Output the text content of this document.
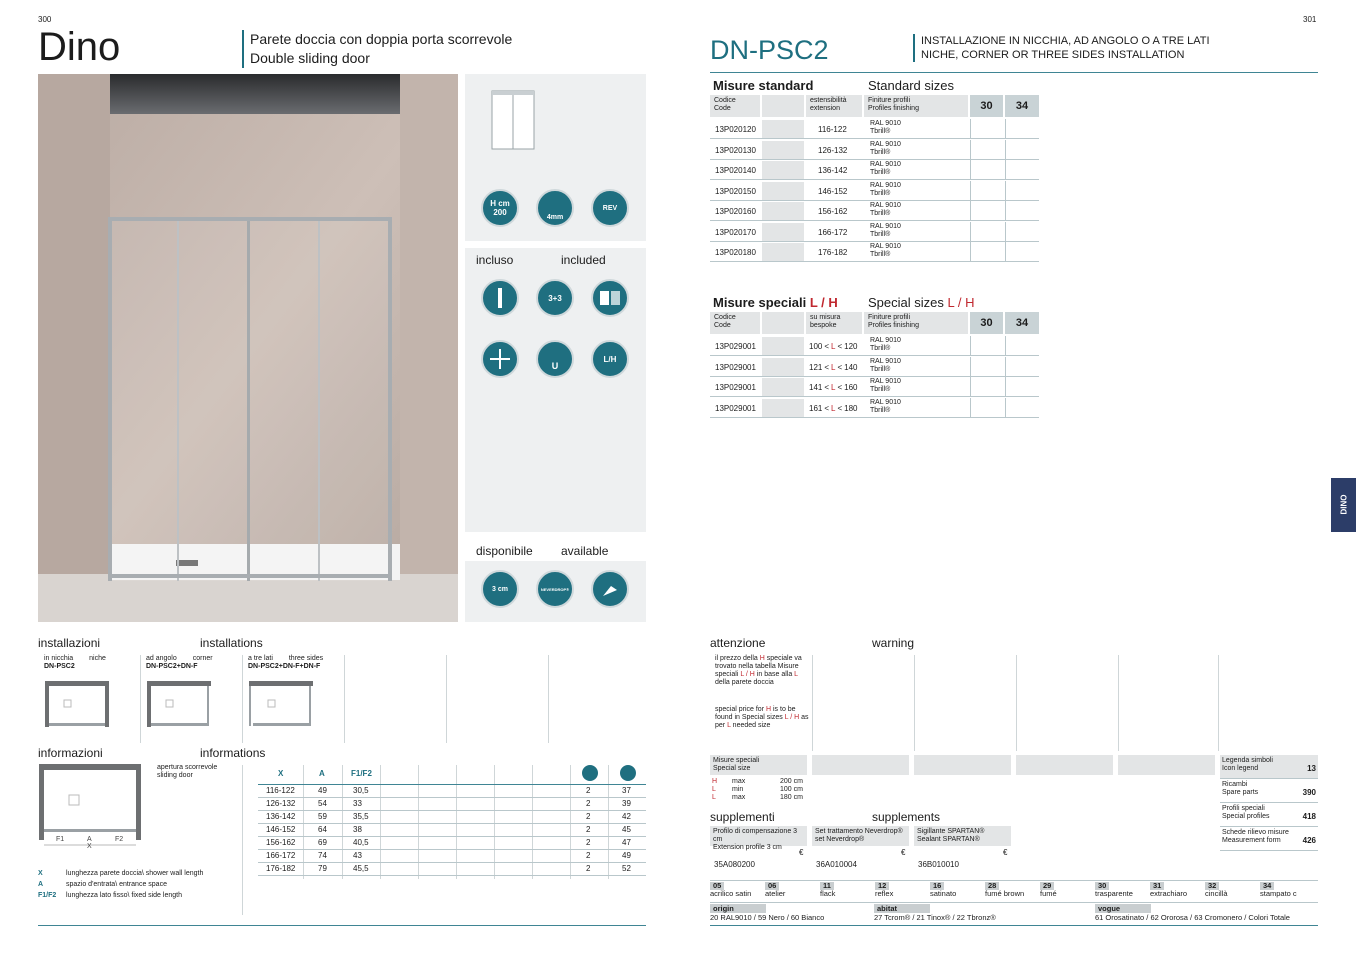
300
Dino	Parete doccia con doppia porta scorrevole
Double sliding door
H cm
200	4mm
REV
incluso	included
3+3
U
L/H
disponibile available
3 cm	NEVERDROP®
installazioni	installations
in nicchia niche
DN-PSC2
ad angolo corner
DN-PSC2+DN-F
a tre lati three sides
DN-PSC2+DN-F+DN-F
informazioni	informations
F1	A
X
F2
apertura scorrevole
sliding door	X	A	F1/F2
116-122	49	30,5	2	37
126-132	54	33	2	39
136-142	59	35,5	2	42
146-152	64	38	2	45
156-162	69	40,5	2	47
166-172	74	43	2	49
176-182	79	45,5	2	52
X	lunghezza parete doccia\ shower wall length
A	spazio d'entrata\ entrance space
F1/F2 lunghezza lato fisso\ fixed side length
301
DN-PSC2	INSTALLAZIONE IN NICCHIA, AD ANGOLO O A TRE LATI
NICHE, CORNER OR THREE SIDES INSTALLATION
DINO
Misure standard	Standard sizes
Codice
Code
estensibilità
extension
Finiture profili
Profiles finishing	30	34
13P020120	116-122
RAL 9010
Tbrill®
13P020130	126-132
RAL 9010
Tbrill®
13P020140	136-142
RAL 9010
Tbrill®
13P020150	146-152
RAL 9010
Tbrill®
13P020160	156-162
RAL 9010
Tbrill®
13P020170	166-172
RAL 9010
Tbrill®
13P020180	176-182
RAL 9010
Tbrill®
Misure speciali L / H Special sizes L / H
Codice
Code
su misura
bespoke
Finiture profili
Profiles finishing	30	34
13P029001	100 < L < 120
RAL 9010
Tbrill®
13P029001	121 < L < 140
RAL 9010
Tbrill®
13P029001	141 < L < 160
RAL 9010
Tbrill®
13P029001	161 < L < 180
RAL 9010
Tbrill®
attenzione	warning
il prezzo della H speciale va trovato nella tabella Misure speciali L / H in base alla L della parete doccia
special price for H is to be found in Special sizes L / H as per L needed size
Misure speciali
Special size
H	max	200 cm
L	min	100 cm
L	max	180 cm
Legenda simboli
Icon legend	13
Ricambi
Spare parts	390
Profili speciali
Special profiles	418
Schede rilievo misure
Measurement form	426
supplementi	supplements
Profilo di compensazione 3 cm
Extension profile 3 cm
€
35A080200
Set trattamento Neverdrop®
set Neverdrop®
€
36A010004
Sigillante SPARTAN®
Sealant SPARTAN®
€
36B010010
05
acrilico satin
06
atelier
11
flack
12
reflex
16
satinato
28
fumé brown
29
fumé
30
trasparente
31
extrachiaro
32
cincillà
34
stampato c
origin
20 RAL9010 / 59 Nero / 60 Bianco
abitat
27 Tcrom® / 21 Tinox® / 22 Tbronz®
vogue
61 Orosatinato / 62 Ororosa / 63 Cromonero / Colori Totale
